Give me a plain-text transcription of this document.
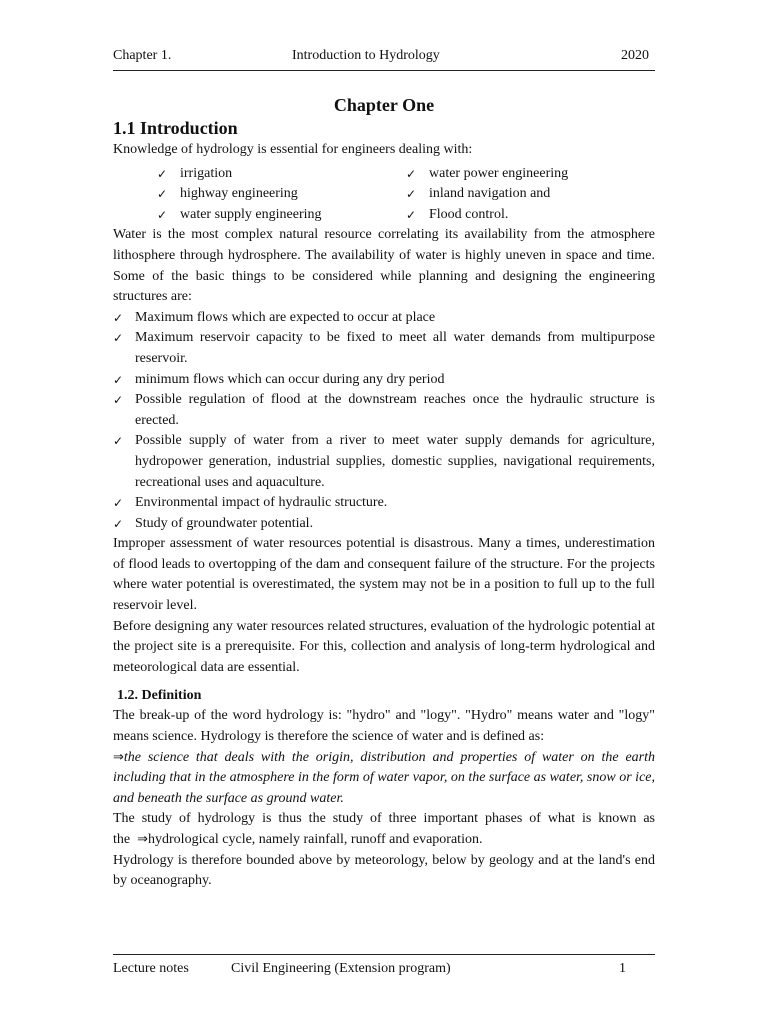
Chapter 1.	Introduction to Hydrology	2020
Chapter One
1.1 Introduction

Knowledge of hydrology is essential for engineers dealing with:

✓ irrigation
✓ highway engineering
✓ water supply engineering
✓ water power engineering
✓ inland navigation and
✓ Flood control.

Water is the most complex natural resource correlating its availability from the atmosphere lithosphere through hydrosphere. The availability of water is highly uneven in space and time. Some of the basic things to be considered while planning and designing the engineering structures are:

✓ Maximum flows which are expected to occur at place
✓ Maximum reservoir capacity to be fixed to meet all water demands from multipurpose reservoir.
✓ minimum flows which can occur during any dry period
✓ Possible regulation of flood at the downstream reaches once the hydraulic structure is erected.
✓ Possible supply of water from a river to meet water supply demands for agriculture, hydropower generation, industrial supplies, domestic supplies, navigational requirements, recreational uses and aquaculture.
✓ Environmental impact of hydraulic structure.
✓ Study of groundwater potential.

Improper assessment of water resources potential is disastrous. Many a times, underestimation of flood leads to overtopping of the dam and consequent failure of the structure. For the projects where water potential is overestimated, the system may not be in a position to full up to the full reservoir level.

Before designing any water resources related structures, evaluation of the hydrologic potential at the project site is a prerequisite. For this, collection and analysis of long-term hydrological and meteorological data are essential.

1.2. Definition

The break-up of the word hydrology is: "hydro" and "logy". "Hydro" means water and "logy" means science. Hydrology is therefore the science of water and is defined as:

⇒the science that deals with the origin, distribution and properties of water on the earth including that in the atmosphere in the form of water vapor, on the surface as water, snow or ice, and beneath the surface as ground water.

The study of hydrology is thus the study of three important phases of what is known as the ⇒hydrological cycle, namely rainfall, runoff and evaporation.

Hydrology is therefore bounded above by meteorology, below by geology and at the land's end by oceanography.

Lecture notes	Civil Engineering (Extension program)	1
